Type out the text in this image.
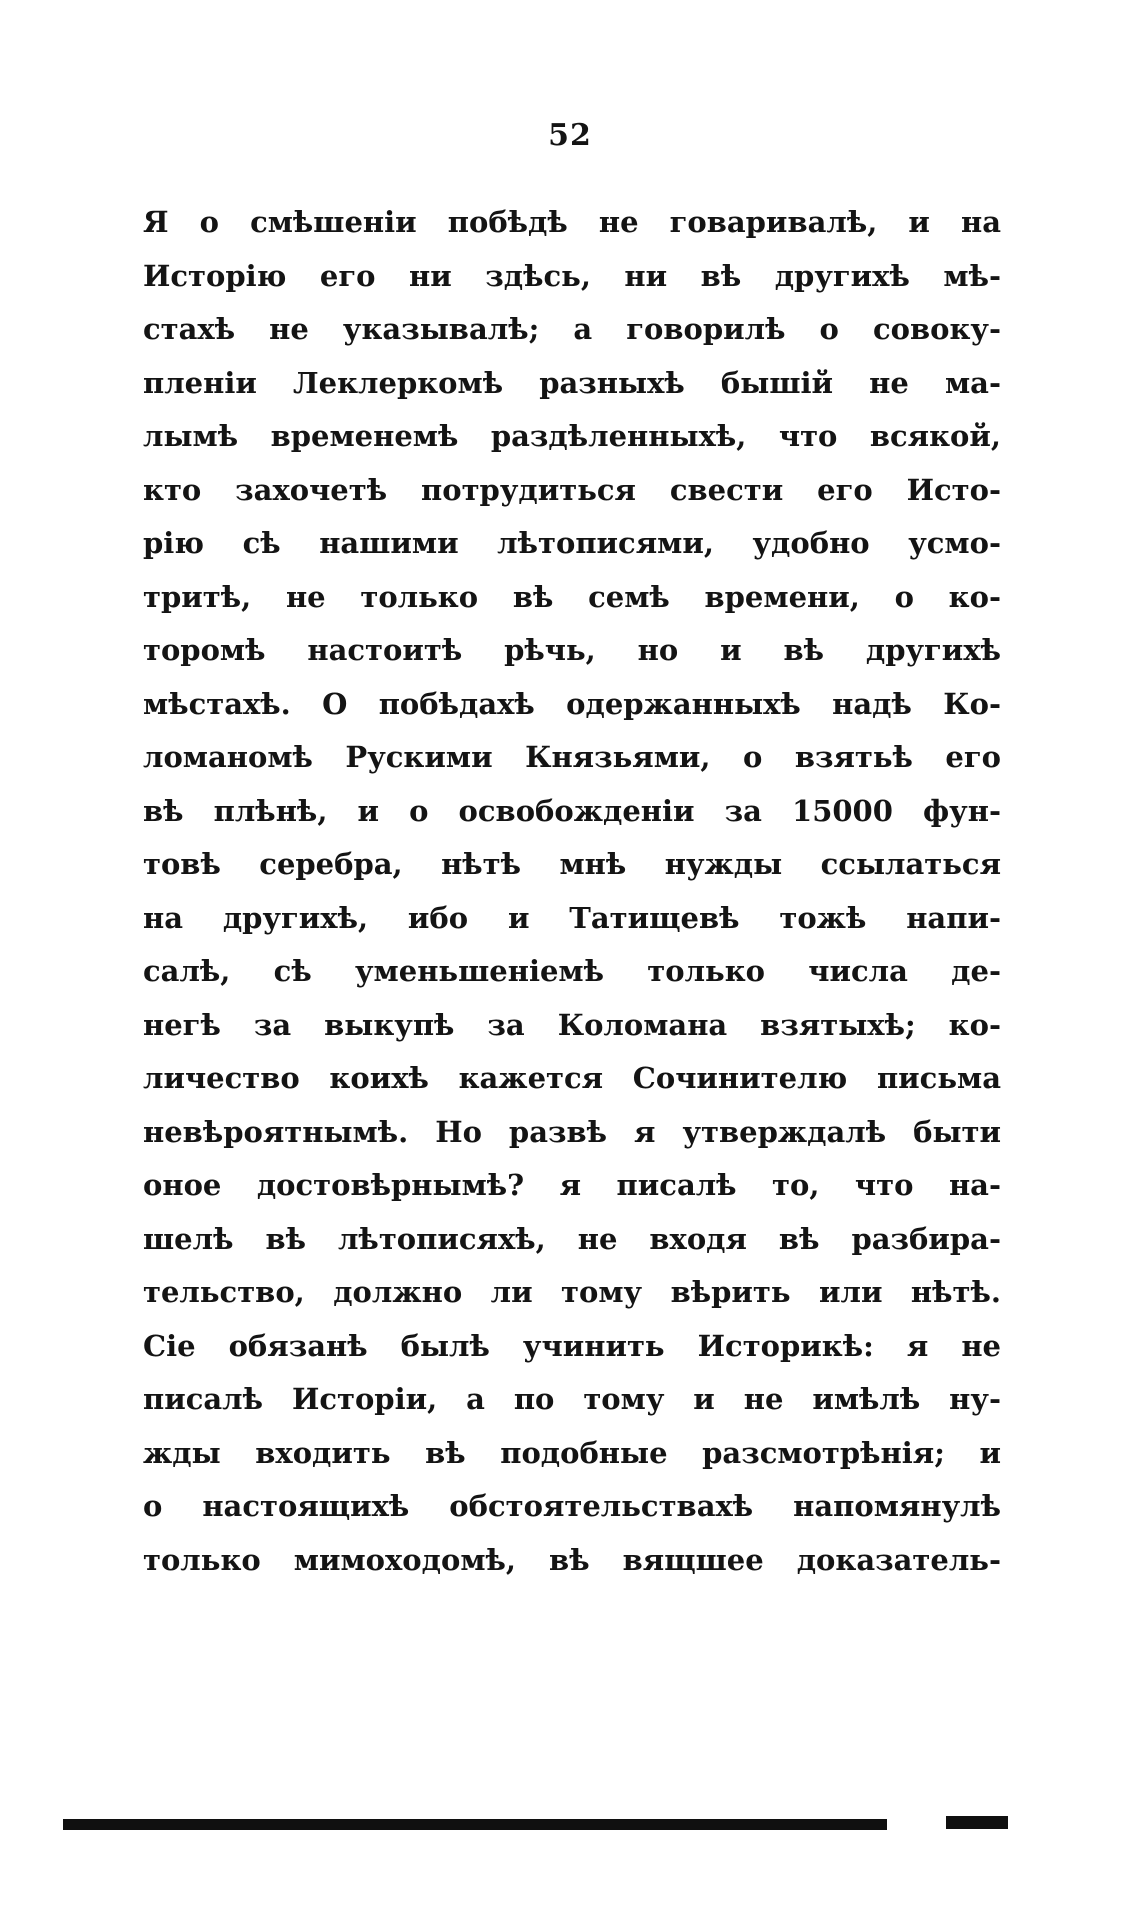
52
Я о смѣшеніи побѣдѣ не говаривалѣ, и на
Исторію его ни здѣсь, ни вѣ другихѣ мѣ-
стахѣ не указывалѣ; а говорилѣ о совоку-
пленіи Леклеркомѣ разныхѣ бышій не ма-
лымѣ временемѣ раздѣленныхѣ, что всякой,
кто захочетѣ потрудиться свести его Исто-
рію сѣ нашими лѣтописями, удобно усмо-
тритѣ, не только вѣ семѣ времени, о ко-
торомѣ настоитѣ рѣчь, но и вѣ другихѣ
мѣстахѣ. О побѣдахѣ одержанныхѣ надѣ Ко-
ломаномѣ Рускими Князьями, о взятьѣ его
вѣ плѣнѣ, и о освобожденіи за 15000 фун-
товѣ серебра, нѣтѣ мнѣ нужды ссылаться
на другихѣ, ибо и Татищевѣ тожѣ напи-
салѣ, сѣ уменьшеніемѣ только числа де-
негѣ за выкупѣ за Коломана взятыхѣ; ко-
личество коихѣ кажется Сочинителю письма
невѣроятнымѣ. Но развѣ я утверждалѣ быти
оное достовѣрнымѣ? я писалѣ то, что на-
шелѣ вѣ лѣтописяхѣ, не входя вѣ разбира-
тельство, должно ли тому вѣрить или нѣтѣ.
Сіе обязанѣ былѣ учинить Историкѣ: я не
писалѣ Исторіи, а по тому и не имѣлѣ ну-
жды входить вѣ подобные разсмотрѣнія; и
о настоящихѣ обстоятельствахѣ напомянулѣ
только мимоходомѣ, вѣ вящшее доказатель-
